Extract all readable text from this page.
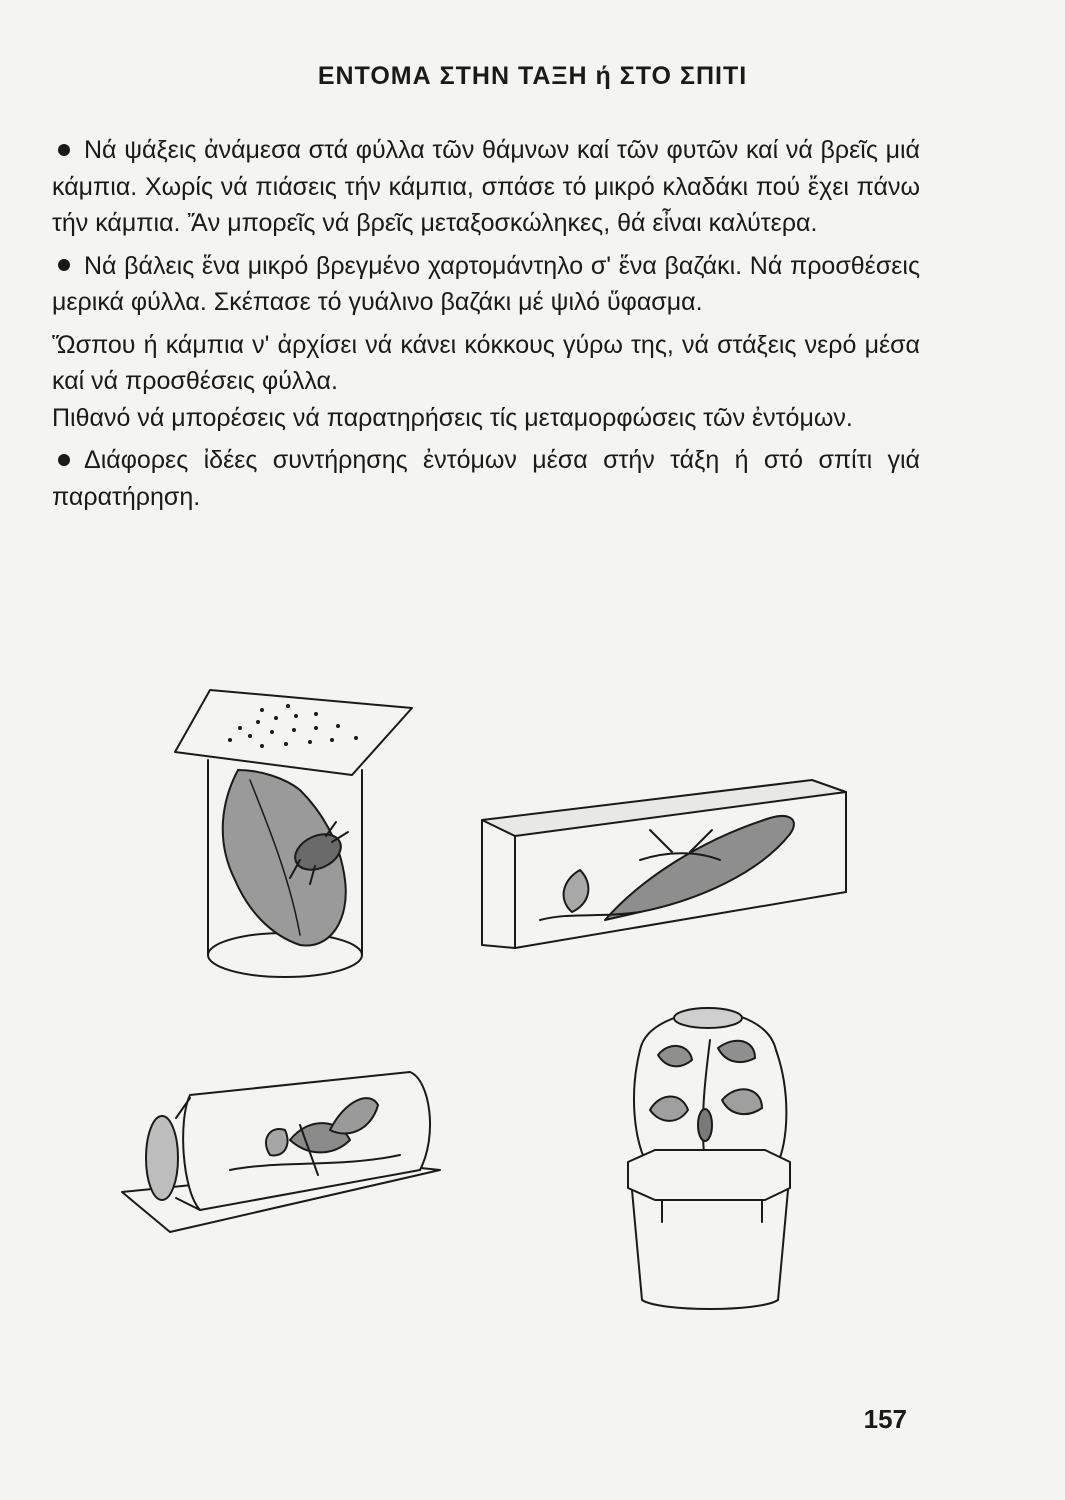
ΕΝΤΟΜΑ ΣΤΗΝ ΤΑΞΗ ή ΣΤΟ ΣΠΙΤΙ

Νά ψάξεις ἀνάμεσα στά φύλλα τῶν θάμνων καί τῶν φυτῶν καί νά βρεῖς μιά κάμπια. Χωρίς νά πιάσεις τήν κάμπια, σπάσε τό μικρό κλαδάκι πού ἔχει πάνω τήν κάμπια. Ἄν μπορεῖς νά βρεῖς μεταξοσκώληκες, θά εἶναι καλύτερα.

Νά βάλεις ἕνα μικρό βρεγμένο χαρτομάντηλο σ' ἕνα βαζάκι. Νά προσθέσεις μερικά φύλλα. Σκέπασε τό γυάλινο βαζάκι μέ ψιλό ὕφασμα.

Ὥσπου ή κάμπια ν' ἀρχίσει νά κάνει κόκκους γύρω της, νά στάξεις νερό μέσα καί νά προσθέσεις φύλλα.

Πιθανό νά μπορέσεις νά παρατηρήσεις τίς μεταμορφώσεις τῶν ἐντόμων.

Διάφορες ἰδέες συντήρησης ἐντόμων μέσα στήν τάξη ή στό σπίτι γιά παρατήρηση.

157
